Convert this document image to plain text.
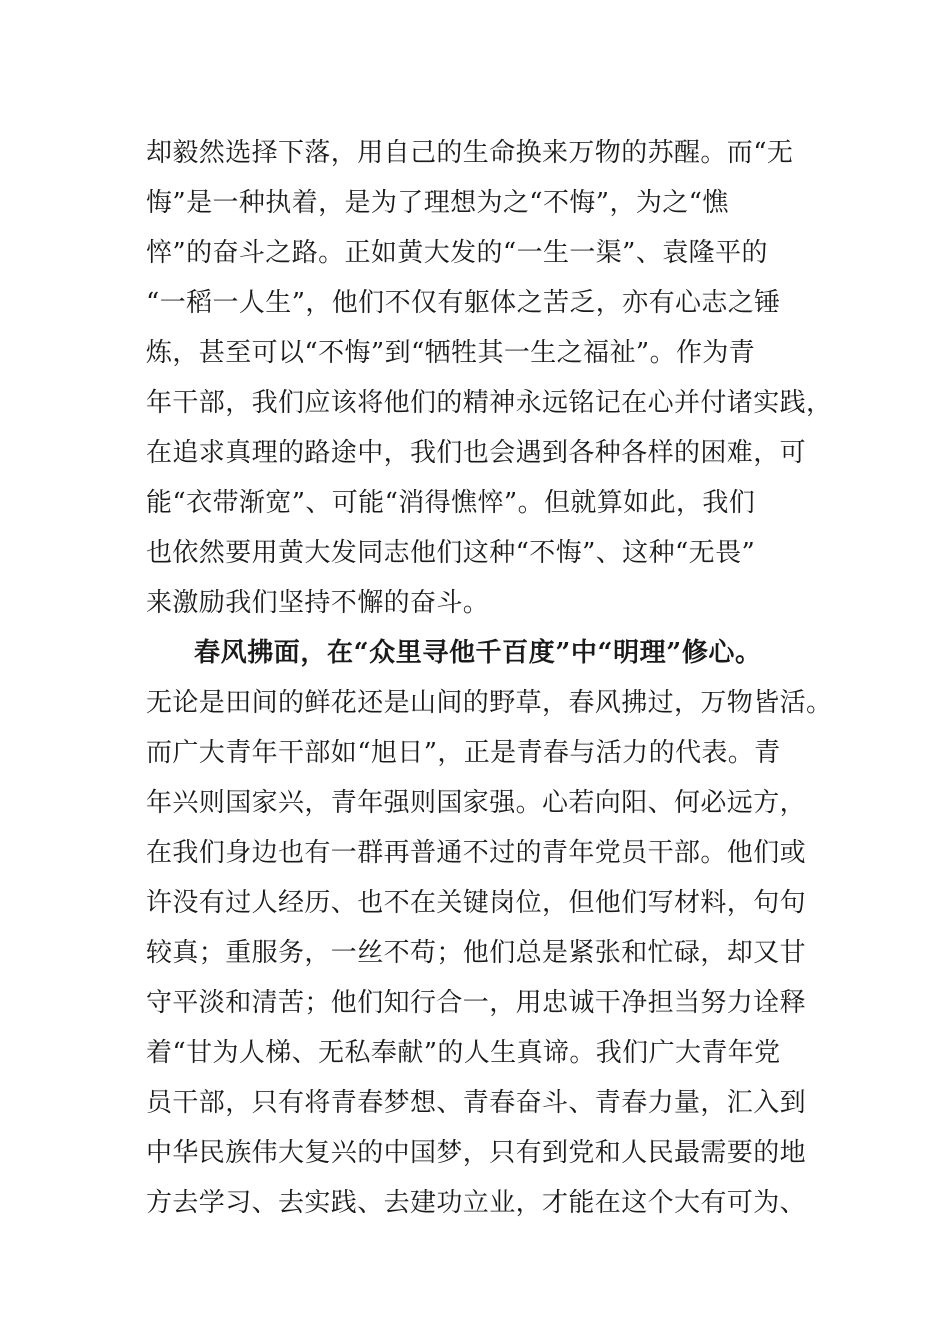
却毅然选择下落，用自己的生命换来万物的苏醒。而“无
悔”是一种执着，是为了理想为之“不悔”，为之“憔
悴”的奋斗之路。正如黄大发的“一生一渠”、袁隆平的
“一稻一人生”，他们不仅有躯体之苦乏，亦有心志之锤
炼，甚至可以“不悔”到“牺牲其一生之福祉”。作为青
年干部，我们应该将他们的精神永远铭记在心并付诸实践，
在追求真理的路途中，我们也会遇到各种各样的困难，可
能“衣带渐宽”、可能“消得憔悴”。但就算如此，我们
也依然要用黄大发同志他们这种“不悔”、这种“无畏”
来激励我们坚持不懈的奋斗。
春风拂面，在“众里寻他千百度”中“明理”修心。
无论是田间的鲜花还是山间的野草，春风拂过，万物皆活。
而广大青年干部如“旭日”，正是青春与活力的代表。青
年兴则国家兴，青年强则国家强。心若向阳、何必远方，
在我们身边也有一群再普通不过的青年党员干部。他们或
许没有过人经历、也不在关键岗位，但他们写材料，句句
较真；重服务，一丝不苟；他们总是紧张和忙碌，却又甘
守平淡和清苦；他们知行合一，用忠诚干净担当努力诠释
着“甘为人梯、无私奉献”的人生真谛。我们广大青年党
员干部，只有将青春梦想、青春奋斗、青春力量，汇入到
中华民族伟大复兴的中国梦，只有到党和人民最需要的地
方去学习、去实践、去建功立业，才能在这个大有可为、
